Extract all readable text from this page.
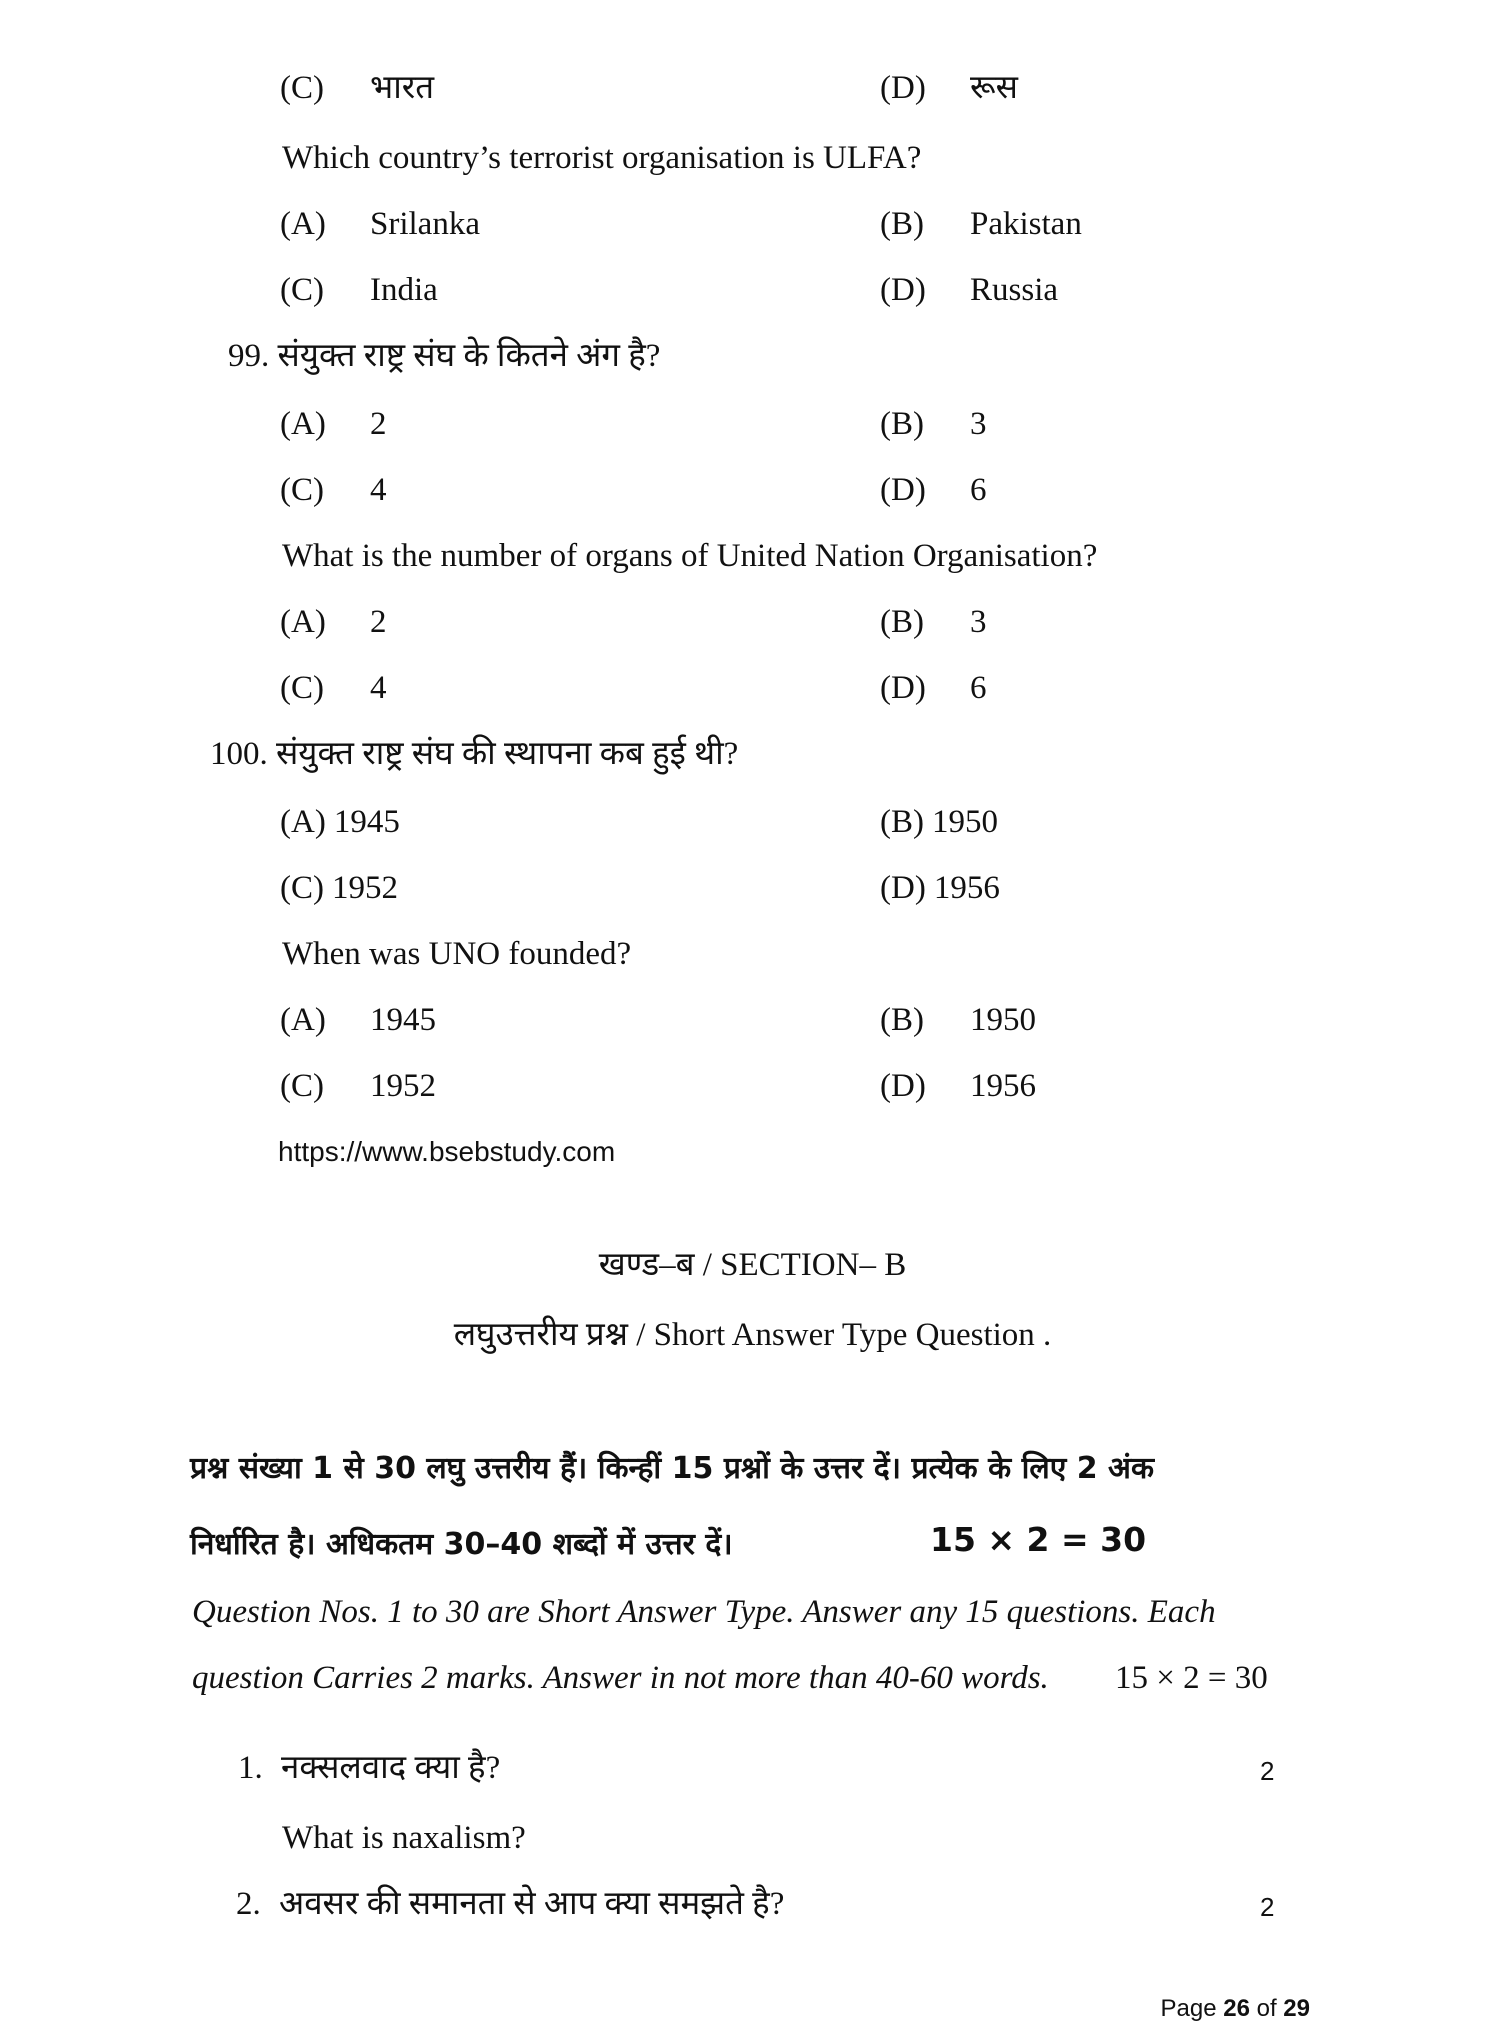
(C) भारत	(D) रूस
Which country’s terrorist organisation is ULFA?
(A) Srilanka	(B) Pakistan
(C) India	(D) Russia
99. संयुक्त राष्ट्र संघ के कितने अंग है?
(A) 2	(B) 3
(C) 4	(D) 6
What is the number of organs of United Nation Organisation?
(A) 2	(B) 3
(C) 4	(D) 6
100. संयुक्त राष्ट्र संघ की स्थापना कब हुई थी?
(A) 1945	(B) 1950
(C) 1952	(D) 1956
When was UNO founded?
(A) 1945	(B) 1950
(C) 1952	(D) 1956
https://www.bsebstudy.com
खण्ड–ब / SECTION– B
लघुउत्तरीय प्रश्न / Short Answer Type Question .
प्रश्न संख्या 1 से 30 लघु उत्तरीय हैं। किन्हीं 15 प्रश्नों के उत्तर दें। प्रत्येक के लिए 2 अंक
निर्धारित है। अधिकतम 30–40 शब्दों में उत्तर दें।	15 × 2 = 30
Question Nos. 1 to 30 are Short Answer Type. Answer any 15 questions. Each
question Carries 2 marks. Answer in not more than 40-60 words. 15 × 2 = 30
1. नक्सलवाद क्या है?	2
What is naxalism?
2. अवसर की समानता से आप क्या समझते है?	2
Page 26 of 29
